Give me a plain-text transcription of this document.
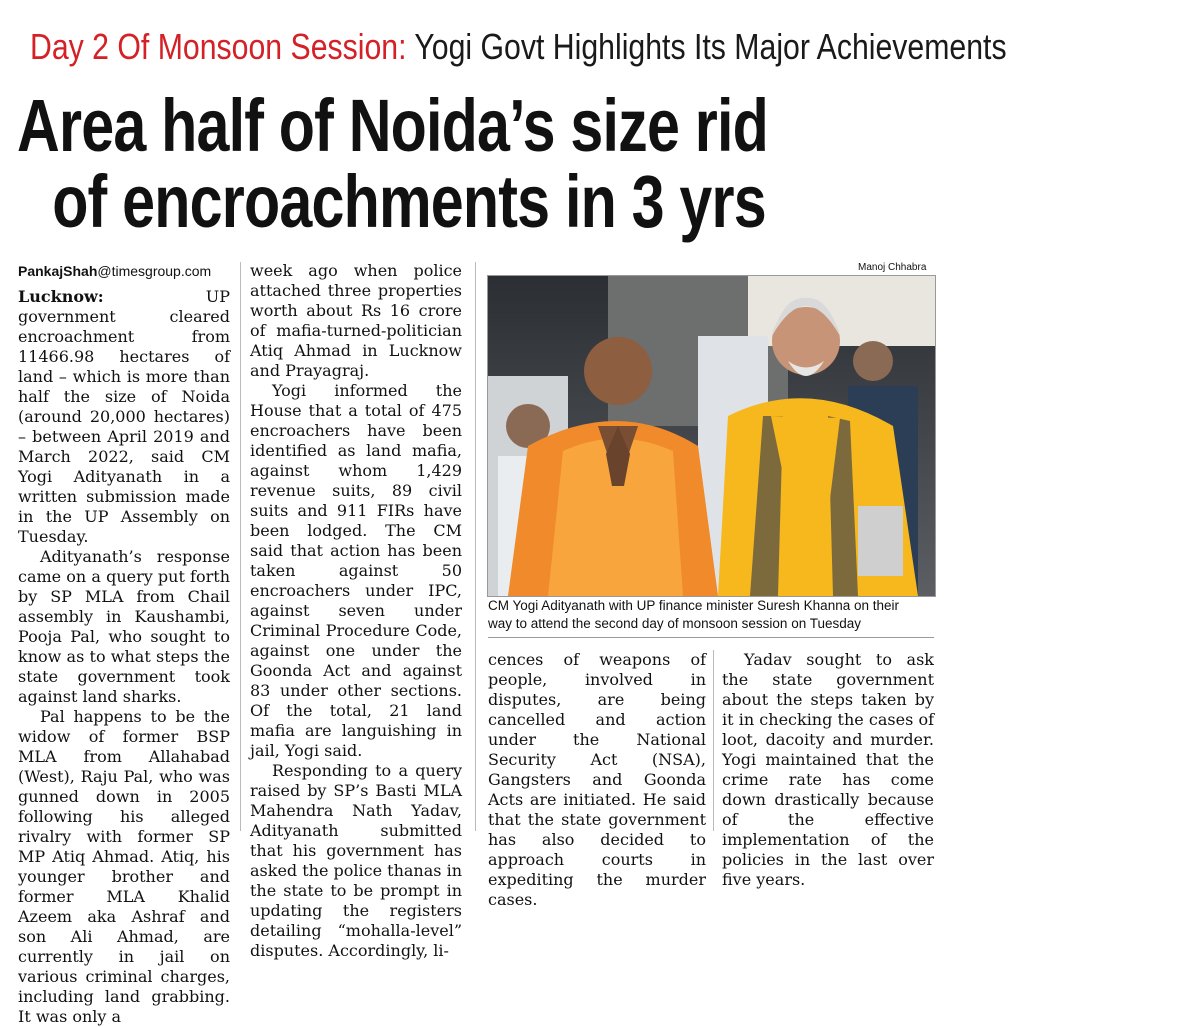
Day 2 Of Monsoon Session: Yogi Govt Highlights Its Major Achievements
Area half of Noida’s size rid
of encroachments in 3 yrs
PankajShah@timesgroup.com

Lucknow:	UP government cleared encroachment from 11466.98 hectares of land – which is more than half the size of Noida (around 20,000 hectares) – between April 2019 and March 2022, said CM Yogi Adityanath in a written submission made in the UP Assembly on Tuesday.

Adityanath’s response came on a query put forth by SP MLA from Chail assembly in Kaushambi, Pooja Pal, who sought to know as to what steps the state government took against land sharks.

Pal happens to be the widow of former BSP MLA from Allahabad (West), Raju Pal, who was gunned down in 2005 following his alleged rivalry with former SP MP Atiq Ahmad. Atiq, his younger brother and former MLA Khalid Azeem aka Ashraf and son Ali Ahmad, are currently in jail on various criminal charges, including land grabbing. It was only a

week ago when police attached three properties worth about Rs 16 crore of mafia-turned-politician Atiq Ahmad in Lucknow and Prayagraj.

Yogi informed the House that a total of 475 encroachers have been identified as land mafia, against whom 1,429 revenue suits, 89 civil suits and 911 FIRs have been lodged. The CM said that action has been taken against 50 encroachers under IPC, against seven under Criminal Procedure Code, against one under the Goonda Act and against 83 under other sections. Of the total, 21 land mafia are languishing in jail, Yogi said.

Responding to a query raised by SP’s Basti MLA Mahendra Nath Yadav, Adityanath submitted that his government has asked the police thanas in the state to be prompt in updating the registers detailing “mohalla-level” disputes. Accordingly, li-

Manoj Chhabra
CM Yogi Adityanath with UP finance minister Suresh Khanna on their
way to attend the second day of monsoon session on Tuesday

cences of weapons of people, involved in disputes, are being cancelled and action under the National Security Act (NSA), Gangsters and Goonda Acts are initiated. He said that the state government has also decided to approach courts in expediting the murder cases.

Yadav sought to ask the state government about the steps taken by it in checking the cases of loot, dacoity and murder. Yogi maintained that the crime rate has come down drastically because of the effective implementation of the policies in the last over five years.
